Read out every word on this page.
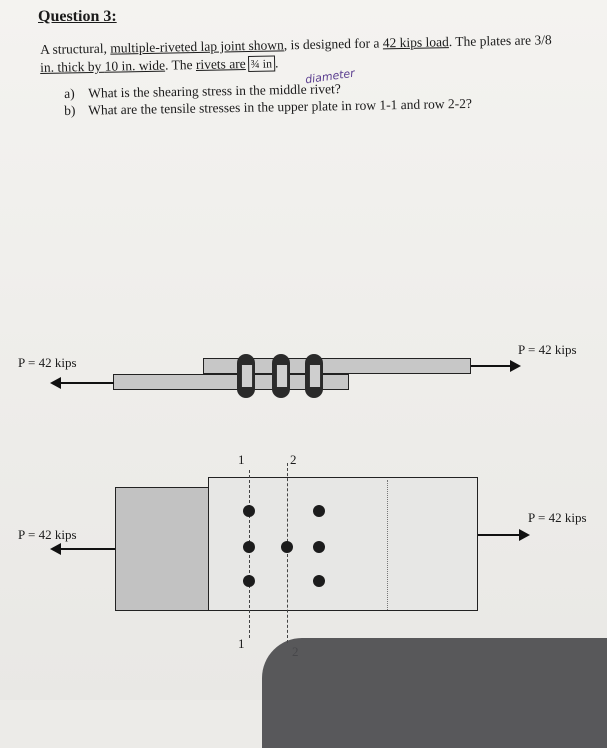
Question 3:
A structural, multiple-riveted lap joint shown, is designed for a 42 kips load. The plates are 3/8
in. thick by 10 in. wide. The rivets are ¾ in .
diameter
a) What is the shearing stress in the middle rivet?
b) What are the tensile stresses in the upper plate in row 1-1 and row 2-2?
P = 42 kips
P = 42 kips
1	2
1
P = 42 kips
P = 42 kips
